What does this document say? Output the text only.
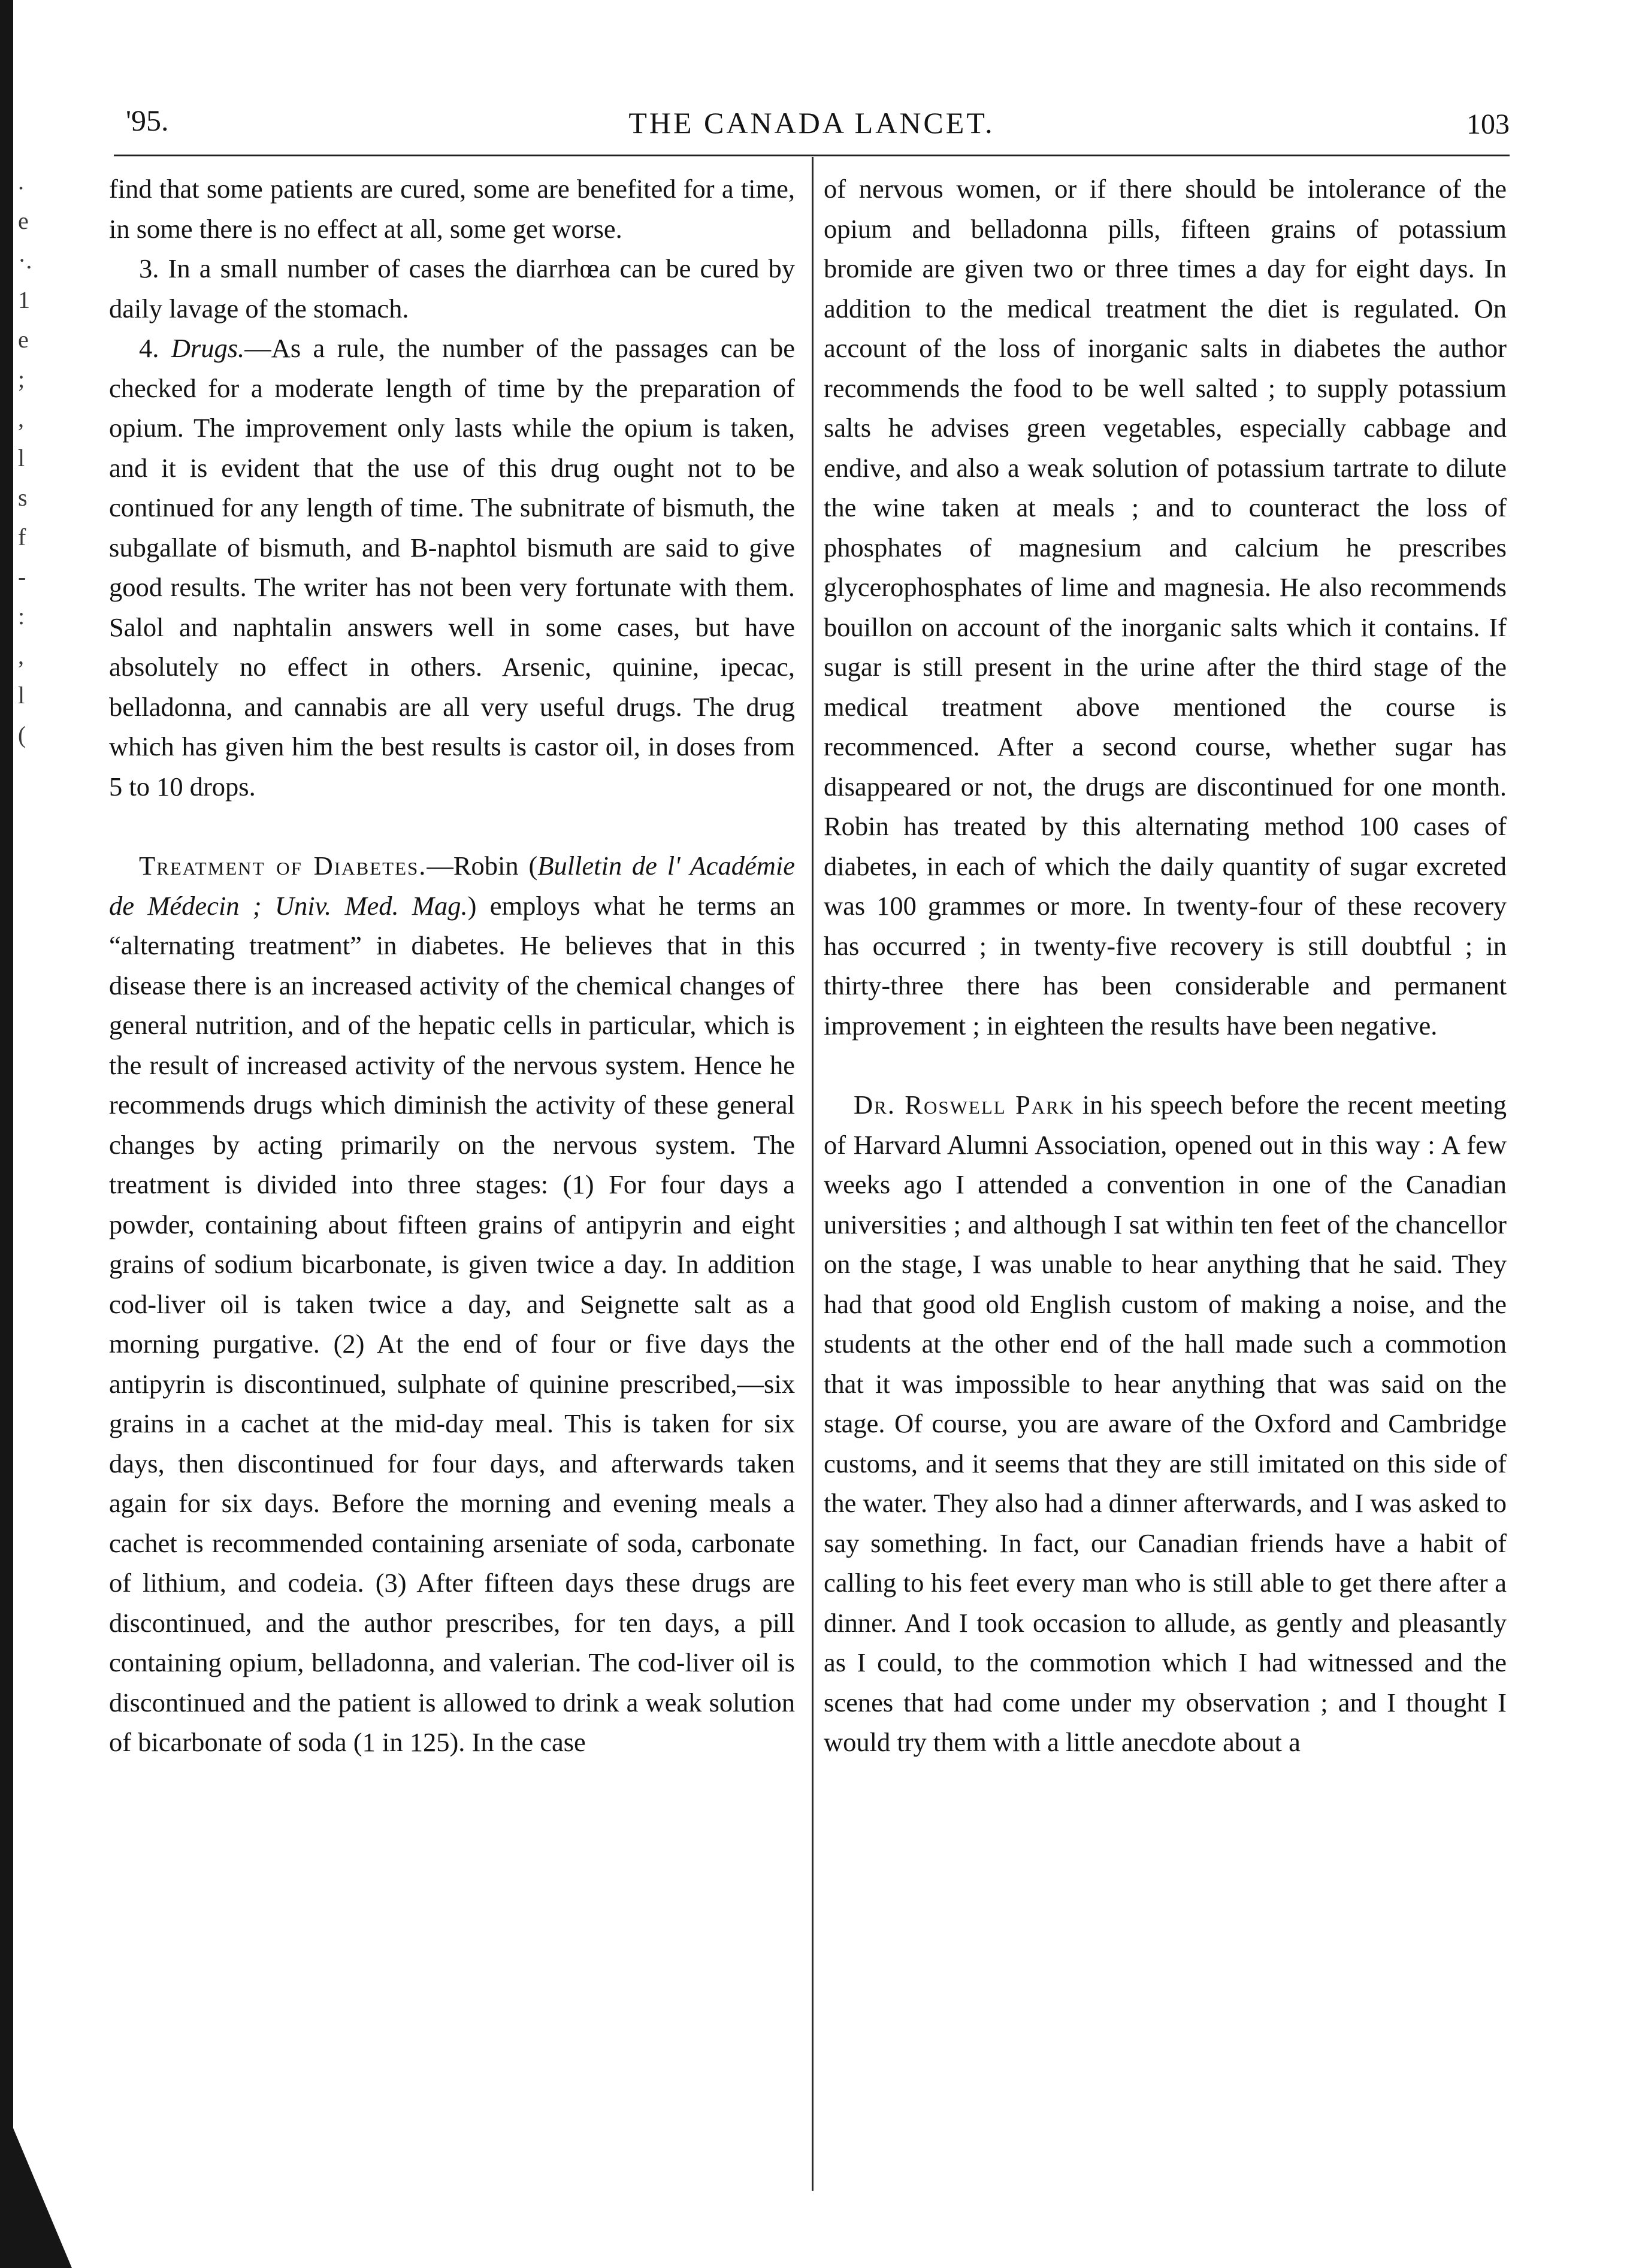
.
e
·.
1
e
;
,
l
s
f
-
:
,
l
(
'95.	THE CANADA LANCET.	103

find that some patients are cured, some are benefited for a time, in some there is no effect at all, some get worse.

3. In a small number of cases the diarrhœa can be cured by daily lavage of the stomach.

4. Drugs.—As a rule, the number of the passages can be checked for a moderate length of time by the preparation of opium. The improvement only lasts while the opium is taken, and it is evident that the use of this drug ought not to be continued for any length of time. The subnitrate of bismuth, the subgallate of bismuth, and B-naphtol bismuth are said to give good results. The writer has not been very fortunate with them. Salol and naphtalin answers well in some cases, but have absolutely no effect in others. Arsenic, quinine, ipecac, belladonna, and cannabis are all very useful drugs. The drug which has given him the best results is castor oil, in doses from 5 to 10 drops.

Treatment of Diabetes.—Robin (Bulletin de l' Académie de Médecin ; Univ. Med. Mag.) employs what he terms an “alternating treatment” in diabetes. He believes that in this disease there is an increased activity of the chemical changes of general nutrition, and of the hepatic cells in particular, which is the result of increased activity of the nervous system. Hence he recommends drugs which diminish the activity of these general changes by acting primarily on the nervous system. The treatment is divided into three stages: (1) For four days a powder, containing about fifteen grains of antipyrin and eight grains of sodium bicarbonate, is given twice a day. In addition cod-liver oil is taken twice a day, and Seignette salt as a morning purgative. (2) At the end of four or five days the antipyrin is discontinued, sulphate of quinine prescribed,—six grains in a cachet at the mid-day meal. This is taken for six days, then discontinued for four days, and afterwards taken again for six days. Before the morning and evening meals a cachet is recommended containing arseniate of soda, carbonate of lithium, and codeia. (3) After fifteen days these drugs are discontinued, and the author prescribes, for ten days, a pill containing opium, belladonna, and valerian. The cod-liver oil is discontinued and the patient is allowed to drink a weak solution of bicarbonate of soda (1 in 125). In the case

of nervous women, or if there should be intolerance of the opium and belladonna pills, fifteen grains of potassium bromide are given two or three times a day for eight days. In addition to the medical treatment the diet is regulated. On account of the loss of inorganic salts in diabetes the author recommends the food to be well salted ; to supply potassium salts he advises green vegetables, especially cabbage and endive, and also a weak solution of potassium tartrate to dilute the wine taken at meals ; and to counteract the loss of phosphates of magnesium and calcium he prescribes glycerophosphates of lime and magnesia. He also recommends bouillon on account of the inorganic salts which it contains. If sugar is still present in the urine after the third stage of the medical treatment above mentioned the course is recommenced. After a second course, whether sugar has disappeared or not, the drugs are discontinued for one month. Robin has treated by this alternating method 100 cases of diabetes, in each of which the daily quantity of sugar excreted was 100 grammes or more. In twenty-four of these recovery has occurred ; in twenty-five recovery is still doubtful ; in thirty-three there has been considerable and permanent improvement ; in eighteen the results have been negative.

Dr. Roswell Park in his speech before the recent meeting of Harvard Alumni Association, opened out in this way : A few weeks ago I attended a convention in one of the Canadian universities ; and although I sat within ten feet of the chancellor on the stage, I was unable to hear anything that he said. They had that good old English custom of making a noise, and the students at the other end of the hall made such a commotion that it was impossible to hear anything that was said on the stage. Of course, you are aware of the Oxford and Cambridge customs, and it seems that they are still imitated on this side of the water. They also had a dinner afterwards, and I was asked to say something. In fact, our Canadian friends have a habit of calling to his feet every man who is still able to get there after a dinner. And I took occasion to allude, as gently and pleasantly as I could, to the commotion which I had witnessed and the scenes that had come under my observation ; and I thought I would try them with a little anecdote about a
